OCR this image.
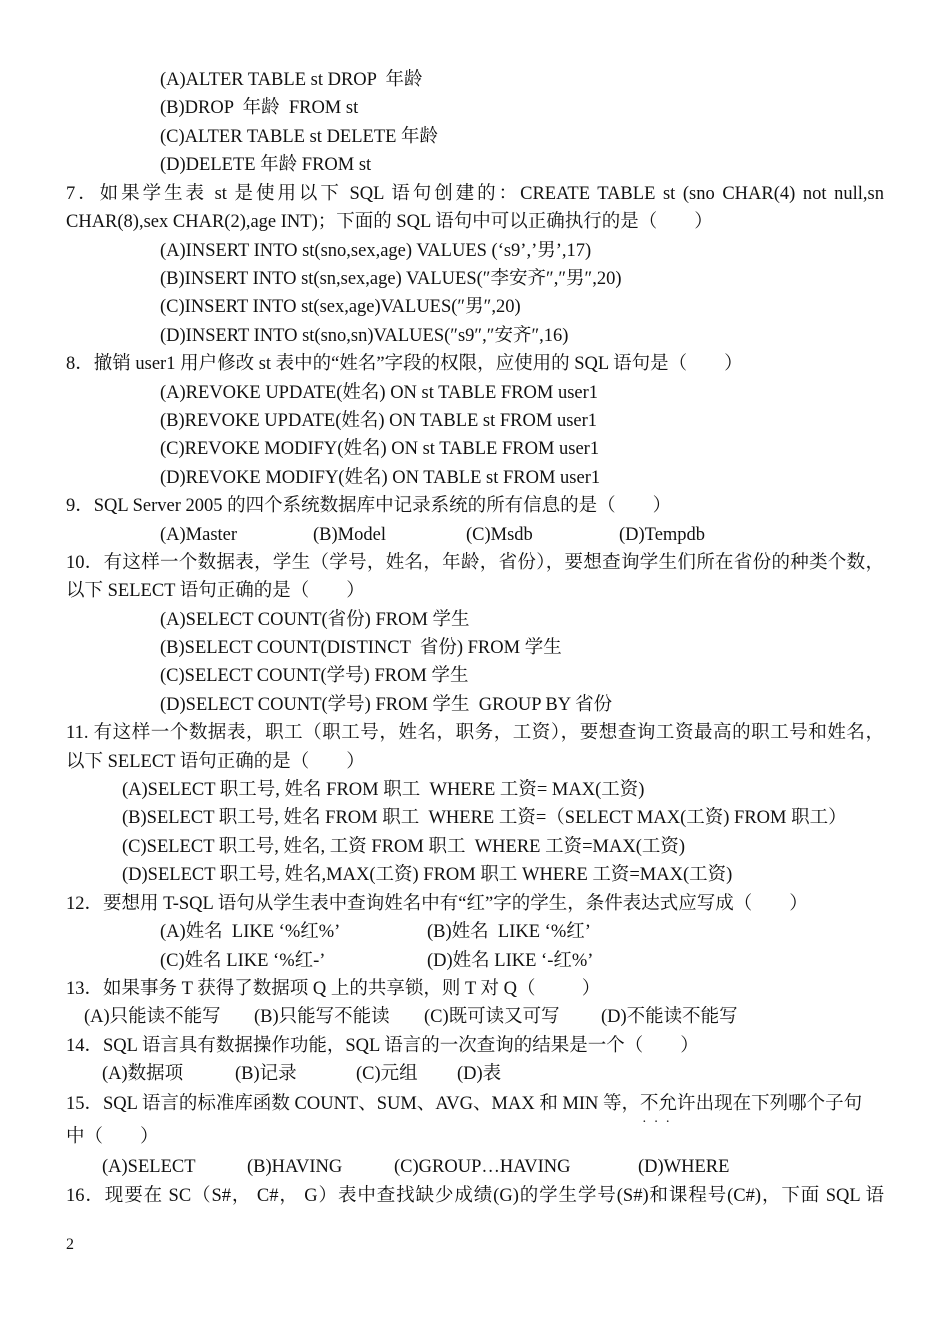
(A)ALTER TABLE st DROP  年龄
(B)DROP  年龄  FROM st
(C)ALTER TABLE st DELETE 年龄
(D)DELETE 年龄 FROM st
7．如果学生表 st 是使用以下 SQL 语句创建的：CREATE TABLE st (sno CHAR(4) not null,sn
CHAR(8),sex CHAR(2),age INT)；下面的 SQL 语句中可以正确执行的是（        ）
(A)INSERT INTO st(sno,sex,age) VALUES (‘s9’,’男’,17)
(B)INSERT INTO st(sn,sex,age) VALUES(″李安齐″,″男″,20)
(C)INSERT INTO st(sex,age)VALUES(″男″,20)
(D)INSERT INTO st(sno,sn)VALUES(″s9″,″安齐″,16)
8．撤销 user1 用户修改 st 表中的“姓名”字段的权限，应使用的 SQL 语句是（        ）
(A)REVOKE UPDATE(姓名) ON st TABLE FROM user1
(B)REVOKE UPDATE(姓名) ON TABLE st FROM user1
(C)REVOKE MODIFY(姓名) ON st TABLE FROM user1
(D)REVOKE MODIFY(姓名) ON TABLE st FROM user1
9．SQL Server 2005 的四个系统数据库中记录系统的所有信息的是（        ）
(A)Master	(B)Model	(C)Msdb	(D)Tempdb
10．有这样一个数据表，学生（学号，姓名，年龄，省份），要想查询学生们所在省份的种类个数，
以下 SELECT 语句正确的是（        ）
(A)SELECT COUNT(省份) FROM 学生
(B)SELECT COUNT(DISTINCT  省份) FROM 学生
(C)SELECT COUNT(学号) FROM 学生
(D)SELECT COUNT(学号) FROM 学生  GROUP BY 省份
11. 有这样一个数据表，职工（职工号，姓名，职务，工资），要想查询工资最高的职工号和姓名，
以下 SELECT 语句正确的是（        ）
(A)SELECT 职工号, 姓名 FROM 职工  WHERE 工资= MAX(工资)
(B)SELECT 职工号, 姓名 FROM 职工  WHERE 工资=（SELECT MAX(工资) FROM 职工）
(C)SELECT 职工号, 姓名, 工资 FROM 职工  WHERE 工资=MAX(工资)
(D)SELECT 职工号, 姓名,MAX(工资) FROM 职工 WHERE 工资=MAX(工资)
12．要想用 T-SQL 语句从学生表中查询姓名中有“红”字的学生，条件表达式应写成（        ）
(A)姓名  LIKE ‘%红%’	(B)姓名  LIKE ‘%红’
(C)姓名 LIKE ‘%红-’	(D)姓名 LIKE ‘-红%’
13．如果事务 T 获得了数据项 Q 上的共享锁，则 T 对 Q（          ）
(A)只能读不能写 (B)只能写不能读 (C)既可读又可写 (D)不能读不能写
14．SQL 语言具有数据操作功能，SQL 语言的一次查询的结果是一个（        ）
(A)数据项	(B)记录	(C)元组 (D)表
15．SQL 语言的标准库函数 COUNT、SUM、AVG、MAX 和 MIN 等，不允许 ·  ·  ·出现在下列哪个子句
中（        ）
(A)SELECT	(B)HAVING	(C)GROUP…HAVING	(D)WHERE
16．现要在 SC（S#， C#， G）表中查找缺少成绩(G)的学生学号(S#)和课程号(C#)，下面 SQL 语
2
